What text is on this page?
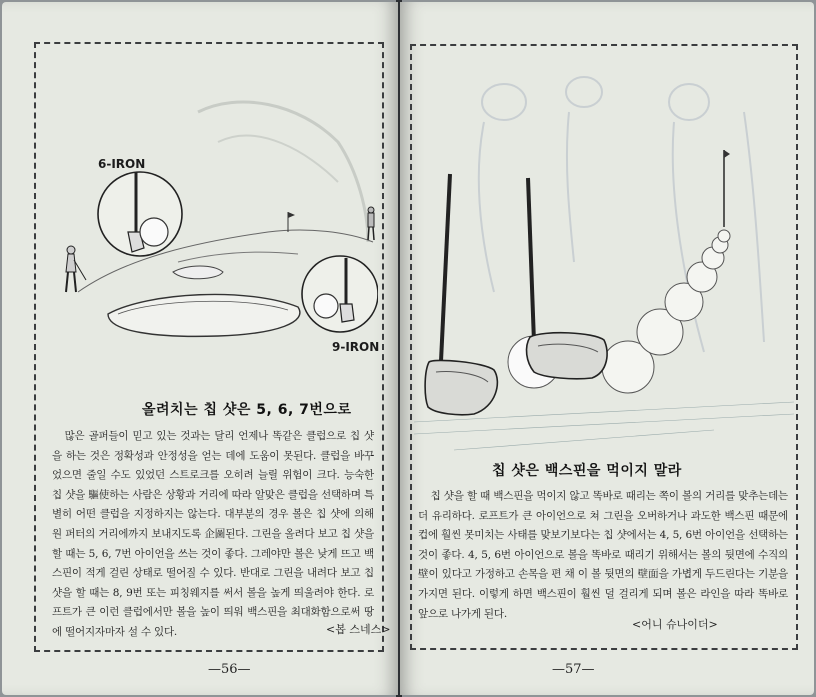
6-IRON
9-IRON
올려치는 칩 샷은 5, 6, 7번으로

많은 골퍼들이 믿고 있는 것과는 달리 언제나 똑같은 클럽으로 칩 샷을 하는 것은 정확성과 안정성을 얻는 데에 도움이 못된다. 클럽을 바꾸었으면 줄일 수도 있었던 스트로크를 오히려 늘릴 위험이 크다. 능숙한 칩 샷을 驅使하는 사람은 상황과 거리에 따라 알맞은 클럽을 선택하며 특별히 어떤 클럽을 지정하지는 않는다. 대부분의 경우 볼은 칩 샷에 의해 원 퍼터의 거리에까지 보내지도록 企圖된다. 그린을 올려다 보고 칩 샷을 할 때는 5, 6, 7번 아이언을 쓰는 것이 좋다. 그레야만 볼은 낮게 뜨고 백스핀이 적게 걸린 상태로 떨어질 수 있다. 반대로 그린을 내려다 보고 칩 샷을 할 때는 8, 9번 또는 피칭웨지를 써서 볼을 높게 띄울려야 한다. 로프트가 큰 이런 클럽에서만 볼을 높이 띄워 백스핀을 최대화함으로써 땅에 떨어지자마자 설 수 있다.	<봅 스네스>
—56—
칩 샷은 백스핀을 먹이지 말라

칩 샷을 할 때 백스핀을 먹이지 않고 똑바로 때리는 쪽이 볼의 거리를 맞추는데는 더 유리하다. 로프트가 큰 아이언으로 쳐 그린을 오버하거나 과도한 백스핀 때문에 컵에 훨씬 못미치는 사태를 맞보기보다는 칩 샷에서는 4, 5, 6번 아이언을 선택하는 것이 좋다. 4, 5, 6번 아이언으로 볼을 똑바로 때리기 위해서는 볼의 뒷면에 수직의 壁이 있다고 가정하고 손목을 편 채 이 볼 뒷면의 壁面을 가볍게 두드린다는 기분을 가지면 된다. 이렇게 하면 백스핀이 훨씬 덜 걸리게 되며 볼은 라인을 따라 똑바로 앞으로 나가게 된다.

<어니 슈나이더>
—57—
